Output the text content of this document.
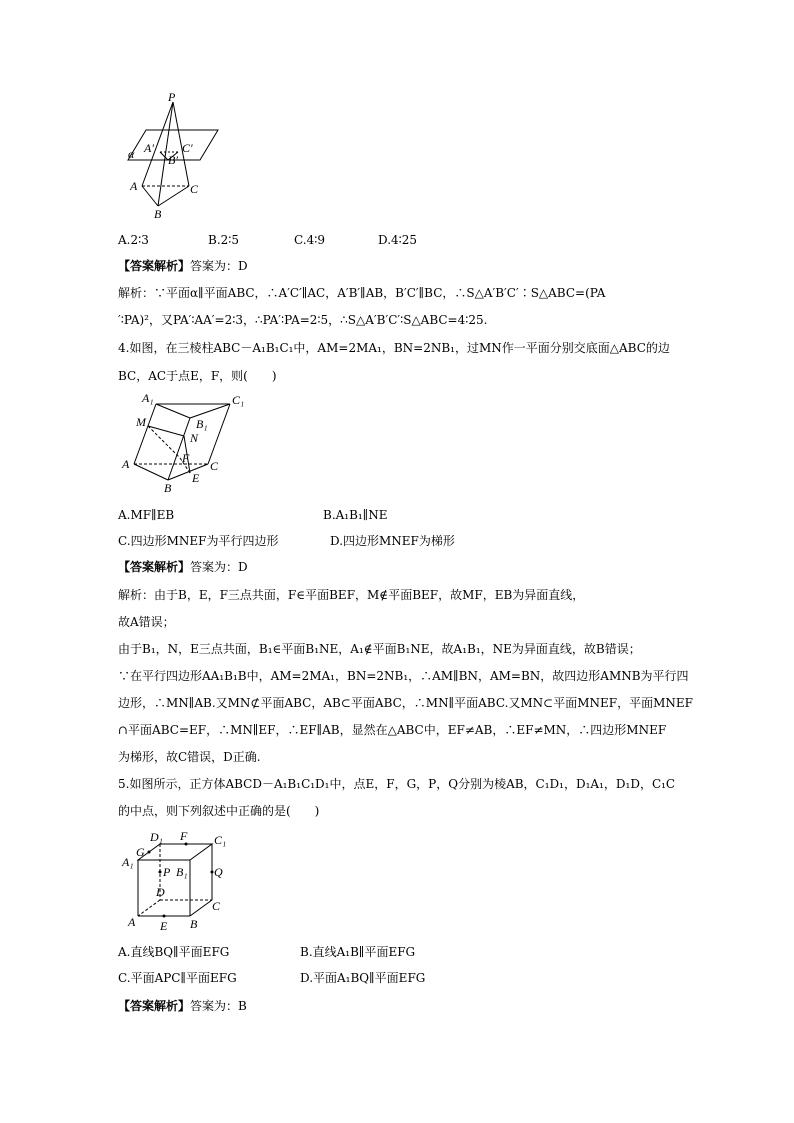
P
A′ C′
B′
α
A
B
C
A.2∶3	B.2∶5	C.4∶9	D.4∶25
【答案解析】答案为：D
解析：∵平面α∥平面ABC，∴A′C′∥AC，A′B′∥AB，B′C′∥BC，∴S△A′B′C′∶S△ABC=(PA
′∶PA)²，又PA′∶AA′=2∶3，∴PA′∶PA=2∶5，∴S△A′B′C′∶S△ABC=4∶25.
4.如图，在三棱柱ABC－A₁B₁C₁中，AM=2MA₁，BN=2NB₁，过MN作一平面分别交底面△ABC的边
BC，AC于点E，F，则(　　)
A₁	C₁
M	B₁
N
F
A	C
E
B
A.MF∥EB	B.A₁B₁∥NE
C.四边形MNEF为平行四边形	D.四边形MNEF为梯形
【答案解析】答案为：D
解析：由于B，E，F三点共面，F∈平面BEF，M∉平面BEF，故MF，EB为异面直线，
故A错误；
由于B₁，N，E三点共面，B₁∈平面B₁NE，A₁∉平面B₁NE，故A₁B₁，NE为异面直线，故B错误；
∵在平行四边形AA₁B₁B中，AM=2MA₁，BN=2NB₁，∴AM∥BN，AM=BN，故四边形AMNB为平行四
边形，∴MN∥AB.又MN⊄平面ABC，AB⊂平面ABC，∴MN∥平面ABC.又MN⊂平面MNEF，平面MNEF
∩平面ABC=EF，∴MN∥EF，∴EF∥AB，显然在△ABC中，EF≠AB，∴EF≠MN，∴四边形MNEF
为梯形，故C错误，D正确.
5.如图所示，正方体ABCD－A₁B₁C₁D₁中，点E，F，G，P，Q分别为棱AB，C₁D₁，D₁A₁，D₁D，C₁C
的中点，则下列叙述中正确的是(　　)
D₁ F C₁
A₁
G
B₁
P	Q
D
C
A E B
A.直线BQ∥平面EFG	B.直线A₁B∥平面EFG
C.平面APC∥平面EFG	D.平面A₁BQ∥平面EFG
【答案解析】答案为：B
